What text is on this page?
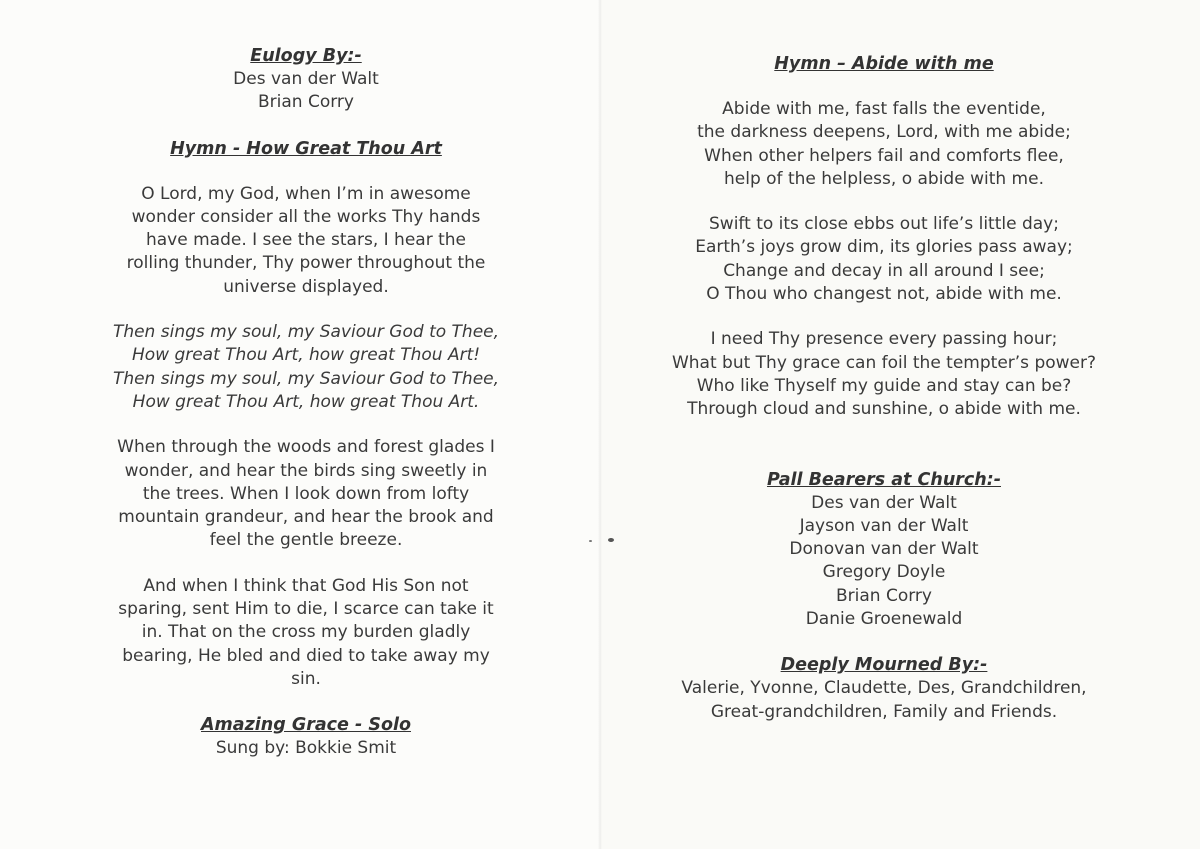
Eulogy By:-
Des van der Walt
Brian Corry
Hymn - How Great Thou Art
O Lord, my God, when I’m in awesome
wonder consider all the works Thy hands
have made. I see the stars, I hear the
rolling thunder, Thy power throughout the
universe displayed.
Then sings my soul, my Saviour God to Thee,
How great Thou Art, how great Thou Art!
Then sings my soul, my Saviour God to Thee,
How great Thou Art, how great Thou Art.
When through the woods and forest glades I
wonder, and hear the birds sing sweetly in
the trees. When I look down from lofty
mountain grandeur, and hear the brook and
feel the gentle breeze.
And when I think that God His Son not
sparing, sent Him to die, I scarce can take it
in. That on the cross my burden gladly
bearing, He bled and died to take away my
sin.
Amazing Grace - Solo
Sung by: Bokkie Smit
Hymn – Abide with me
Abide with me, fast falls the eventide,
the darkness deepens, Lord, with me abide;
When other helpers fail and comforts flee,
help of the helpless, o abide with me.
Swift to its close ebbs out life’s little day;
Earth’s joys grow dim, its glories pass away;
Change and decay in all around I see;
O Thou who changest not, abide with me.
I need Thy presence every passing hour;
What but Thy grace can foil the tempter’s power?
Who like Thyself my guide and stay can be?
Through cloud and sunshine, o abide with me.
Pall Bearers at Church:-
Des van der Walt
Jayson van der Walt
Donovan van der Walt
Gregory Doyle
Brian Corry
Danie Groenewald
Deeply Mourned By:-
Valerie, Yvonne, Claudette, Des, Grandchildren,
Great-grandchildren, Family and Friends.
